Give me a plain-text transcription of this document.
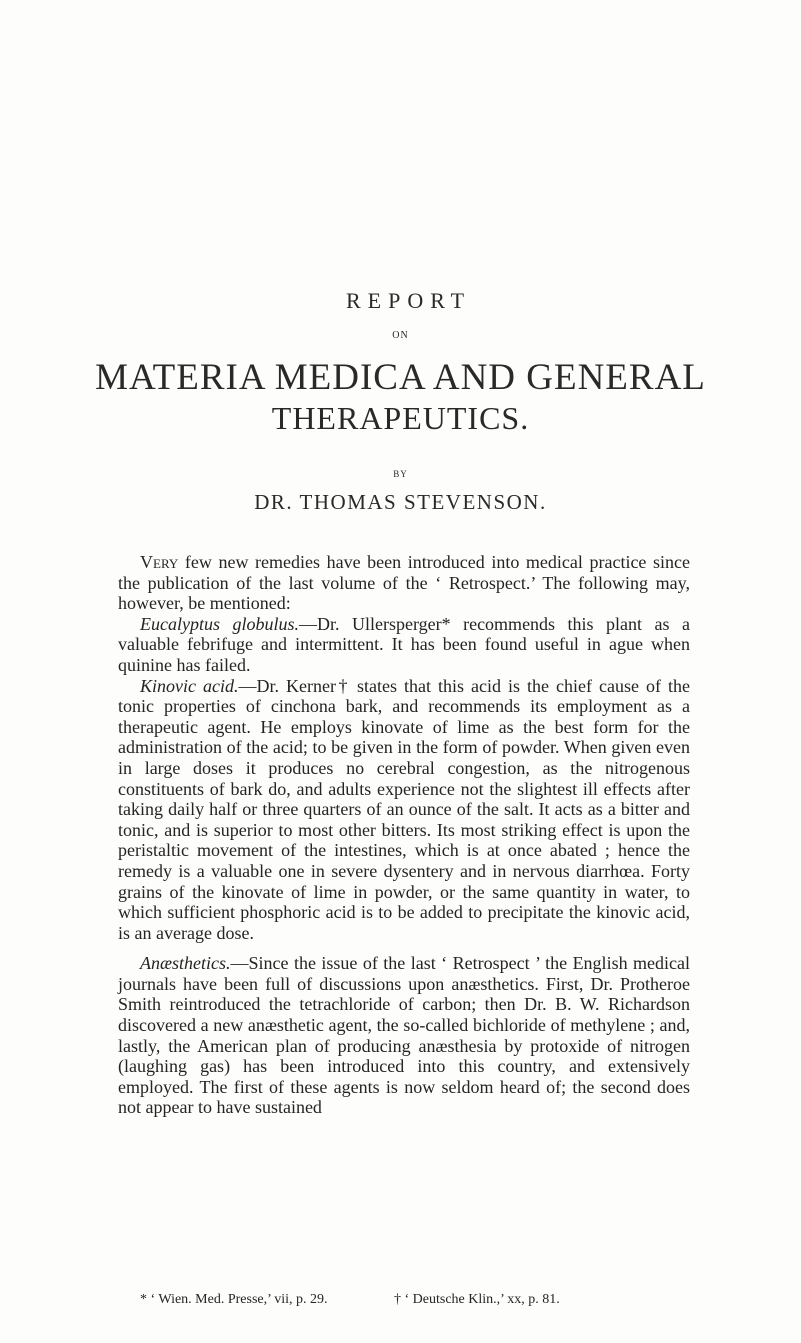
REPORT
ON
MATERIA MEDICA AND GENERAL
THERAPEUTICS.
BY
DR. THOMAS STEVENSON.

Very few new remedies have been introduced into medical practice since the publication of the last volume of the ‘ Retrospect.’ The following may, however, be mentioned:

Eucalyptus globulus.—Dr. Ullersperger* recommends this plant as a valuable febrifuge and intermittent. It has been found useful in ague when quinine has failed.

Kinovic acid.—Dr. Kerner† states that this acid is the chief cause of the tonic properties of cinchona bark, and recommends its employment as a therapeutic agent. He employs kinovate of lime as the best form for the administration of the acid; to be given in the form of powder. When given even in large doses it produces no cerebral congestion, as the nitrogenous constituents of bark do, and adults experience not the slightest ill effects after taking daily half or three quarters of an ounce of the salt. It acts as a bitter and tonic, and is superior to most other bitters. Its most striking effect is upon the peristaltic movement of the intestines, which is at once abated ; hence the remedy is a valuable one in severe dysentery and in nervous diarrhœa. Forty grains of the kinovate of lime in powder, or the same quantity in water, to which sufficient phosphoric acid is to be added to precipitate the kinovic acid, is an average dose.

Anæsthetics.—Since the issue of the last ‘ Retrospect ’ the English medical journals have been full of discussions upon anæsthetics. First, Dr. Protheroe Smith reintroduced the tetrachloride of carbon; then Dr. B. W. Richardson discovered a new anæsthetic agent, the so-called bichloride of methylene ; and, lastly, the American plan of producing anæsthesia by protoxide of nitrogen (laughing gas) has been introduced into this country, and extensively employed. The first of these agents is now seldom heard of; the second does not appear to have sustained

* ‘ Wien. Med. Presse,’ vii, p. 29.	† ‘ Deutsche Klin.,’ xx, p. 81.
